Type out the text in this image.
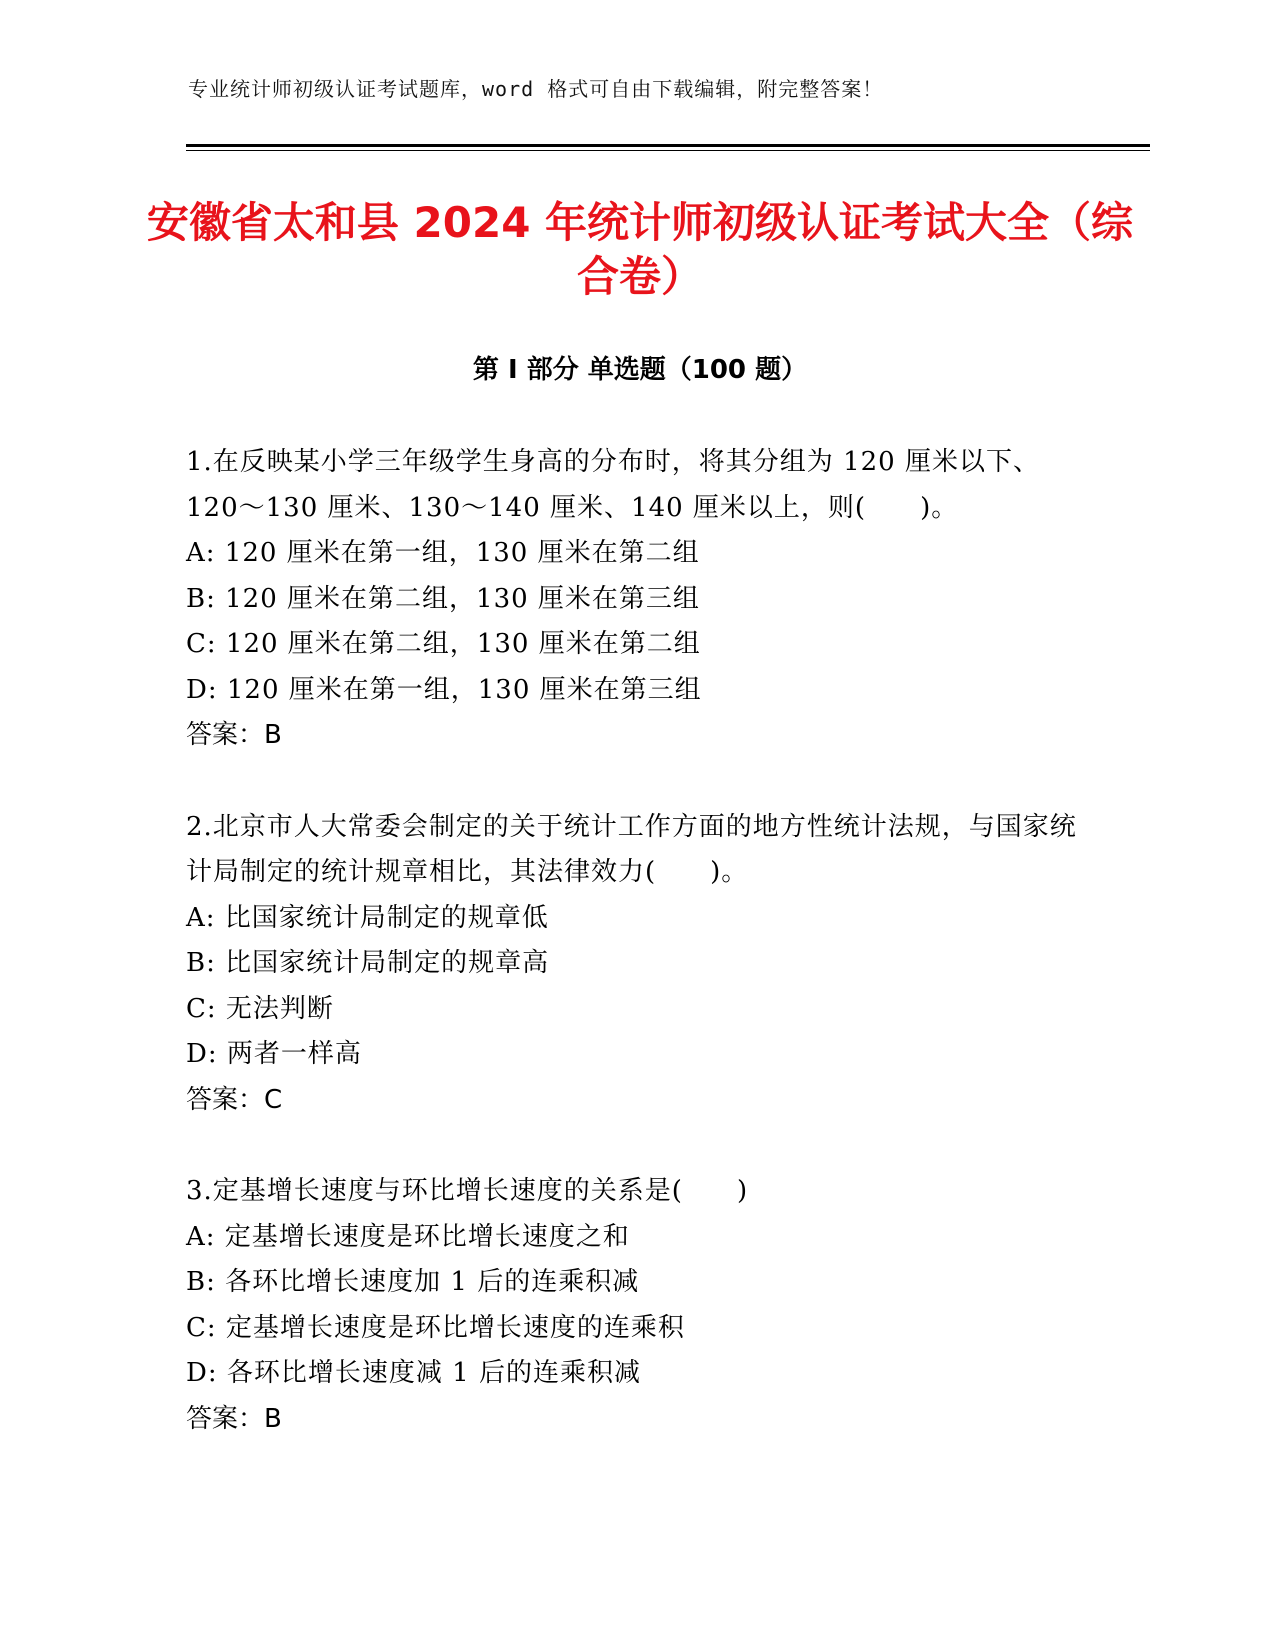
专业统计师初级认证考试题库，word 格式可自由下载编辑，附完整答案！
安徽省太和县 2024 年统计师初级认证考试大全（综合卷）
第 I 部分 单选题（100 题）

1.在反映某小学三年级学生身高的分布时，将其分组为 120 厘米以下、120～130 厘米、130～140 厘米、140 厘米以上，则(　　)。

A: 120 厘米在第一组，130 厘米在第二组

B: 120 厘米在第二组，130 厘米在第三组

C: 120 厘米在第二组，130 厘米在第二组

D: 120 厘米在第一组，130 厘米在第三组

答案：B

2.北京市人大常委会制定的关于统计工作方面的地方性统计法规，与国家统计局制定的统计规章相比，其法律效力(　　)。

A: 比国家统计局制定的规章低

B: 比国家统计局制定的规章高

C: 无法判断

D: 两者一样高

答案：C

3.定基增长速度与环比增长速度的关系是(　　)

A: 定基增长速度是环比增长速度之和

B: 各环比增长速度加 1 后的连乘积减

C: 定基增长速度是环比增长速度的连乘积

D: 各环比增长速度减 1 后的连乘积减

答案：B
